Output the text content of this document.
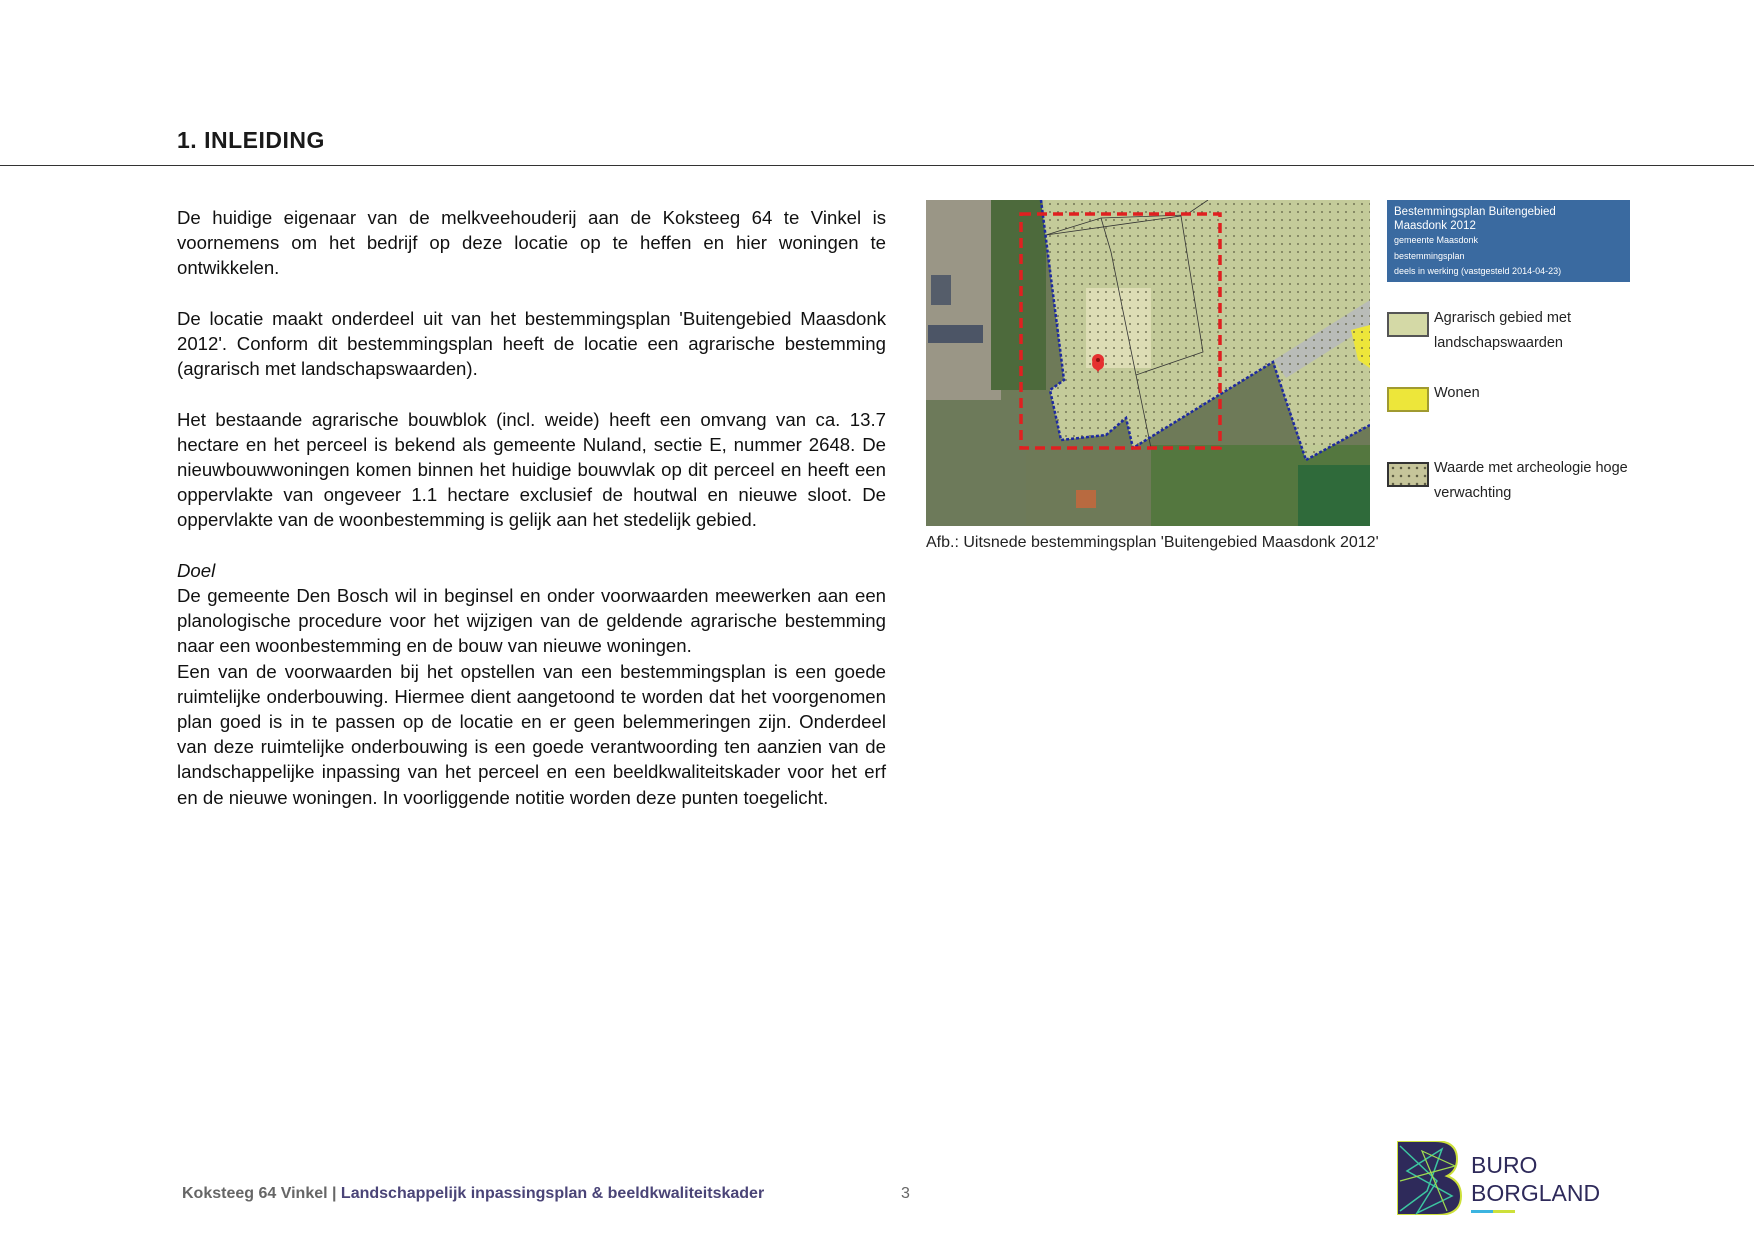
1. INLEIDING

De huidige eigenaar van de melkveehouderij aan de Koksteeg 64 te Vinkel is voornemens om het bedrijf op deze locatie op te heffen en hier woningen te ontwikkelen.

De locatie maakt onderdeel uit van het bestemmingsplan 'Buitengebied Maasdonk 2012'. Conform dit bestemmingsplan heeft de locatie een agrarische bestemming (agrarisch met landschapswaarden).

Het bestaande agrarische bouwblok (incl. weide) heeft een omvang van ca. 13.7 hectare en het perceel is bekend als gemeente Nuland, sectie E, nummer 2648. De nieuwbouwwoningen komen binnen het huidige bouwvlak op dit perceel en heeft een oppervlakte van ongeveer 1.1 hectare exclusief de houtwal en nieuwe sloot. De oppervlakte van de woonbestemming is gelijk aan het stedelijk gebied.

Doel

De gemeente Den Bosch wil in beginsel en onder voorwaarden meewerken aan een planologische procedure voor het wijzigen van de geldende agrarische bestemming naar een woonbestemming en de bouw van nieuwe woningen.

Een van de voorwaarden bij het opstellen van een bestemmingsplan is een goede ruimtelijke onderbouwing. Hiermee dient aangetoond te worden dat het voorgenomen plan goed is in te passen op de locatie en er geen belemmeringen zijn. Onderdeel van deze ruimtelijke onderbouwing is een goede verantwoording ten aanzien van de landschappelijke inpassing van het perceel en een beeldkwaliteitskader voor het erf en de nieuwe woningen. In voorliggende notitie worden deze punten toegelicht.

Afb.: Uitsnede bestemmingsplan 'Buitengebied Maasdonk 2012'
Bestemmingsplan Buitengebied
Maasdonk 2012
gemeente Maasdonk
bestemmingsplan
deels in werking (vastgesteld 2014-04-23)
Agrarisch gebied met
landschapswaarden
Wonen
Waarde met archeologie hoge
verwachting
Koksteeg 64 Vinkel | Landschappelijk inpassingsplan & beeldkwaliteitskader	3
BURO
BORGLAND
